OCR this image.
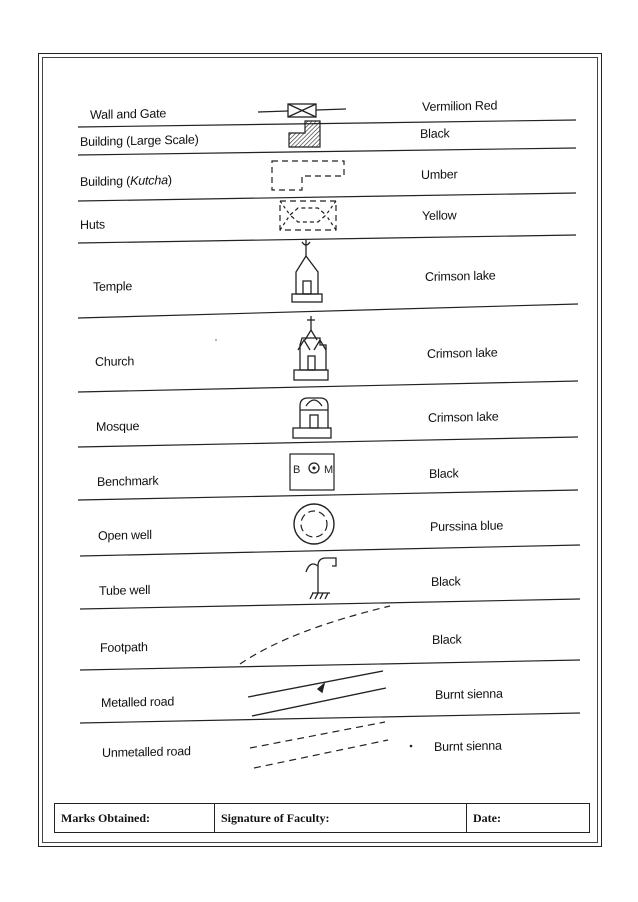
B M
Wall and Gate
Building (Large Scale)
Building (Kutcha)
Huts
Temple
Church
Mosque
Benchmark
Open well
Tube well
Footpath
Metalled road
Unmetalled road
Vermilion Red
Black
Umber
Yellow
Crimson lake
Crimson lake
Crimson lake
Black
Purssina blue
Black
Black
Burnt sienna
Burnt sienna
Marks Obtained:	Signature of Faculty:	Date:
